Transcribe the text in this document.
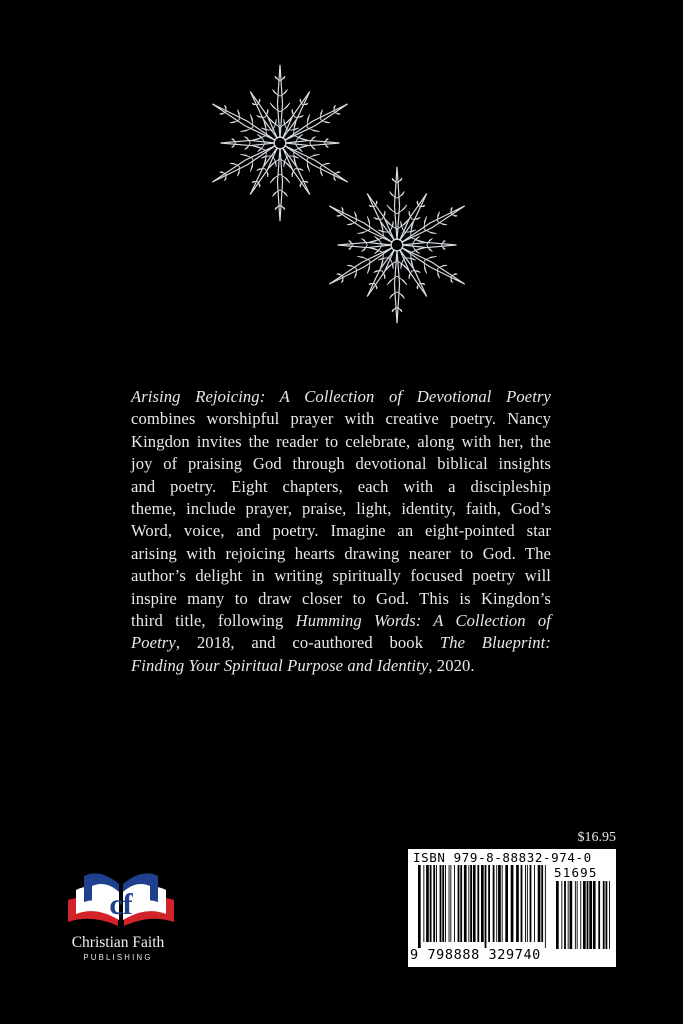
Arising Rejoicing: A Collection of Devotional Poetry
combines worshipful prayer with creative poetry. Nancy
Kingdon invites the reader to celebrate, along with her, the
joy of praising God through devotional biblical insights
and poetry. Eight chapters, each with a discipleship
theme, include prayer, praise, light, identity, faith, God’s
Word, voice, and poetry. Imagine an eight-pointed star
arising with rejoicing hearts drawing nearer to God. The
author’s delight in writing spiritually focused poetry will
inspire many to draw closer to God. This is Kingdon’s
third title, following Humming Words: A Collection of
Poetry, 2018, and co-authored book The Blueprint:
Finding Your Spiritual Purpose and Identity, 2020.
$16.95
ISBN 979-8-88832-974-0
51695
9 798888 329740
cf
Christian Faith
PUBLISHING
